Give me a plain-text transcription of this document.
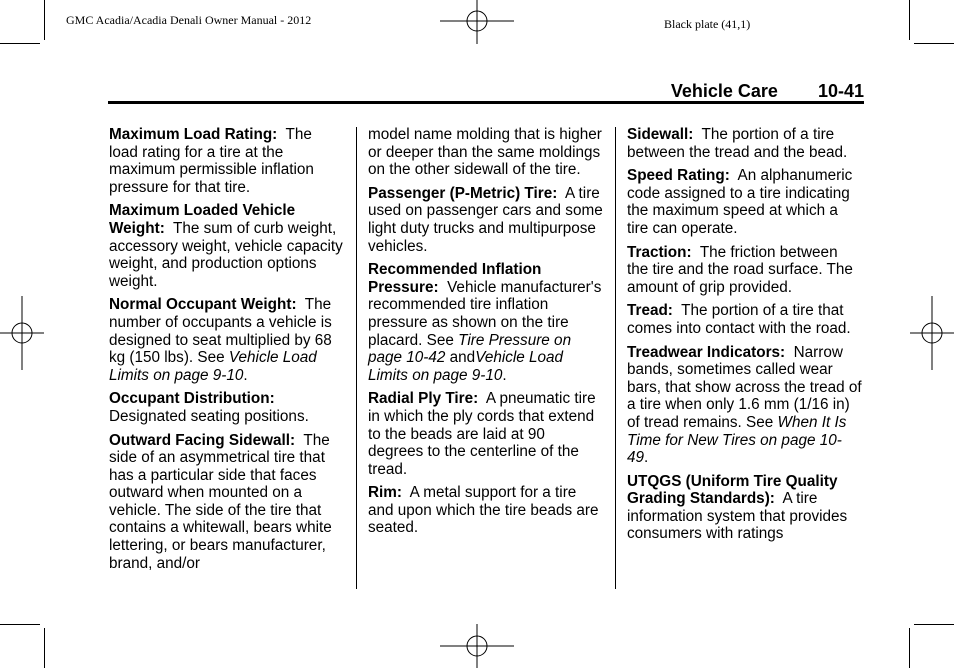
GMC Acadia/Acadia Denali Owner Manual - 2012	Black plate (41,1)
Vehicle Care 10-41

Maximum Load Rating: The load rating for a tire at the maximum permissible inflation pressure for that tire.

Maximum Loaded Vehicle Weight: The sum of curb weight, accessory weight, vehicle capacity weight, and production options weight.

Normal Occupant Weight: The number of occupants a vehicle is designed to seat multiplied by 68 kg (150 lbs). See Vehicle Load Limits on page 9-10.

Occupant Distribution:  Designated seating positions.

Outward Facing Sidewall: The side of an asymmetrical tire that has a particular side that faces outward when mounted on a vehicle. The side of the tire that contains a whitewall, bears white lettering, or bears manufacturer, brand, and/or

model name molding that is higher or deeper than the same moldings on the other sidewall of the tire.

Passenger (P-Metric) Tire: A tire used on passenger cars and some light duty trucks and multipurpose vehicles.

Recommended Inflation Pressure: Vehicle manufacturer's recommended tire inflation pressure as shown on the tire placard. See Tire Pressure on page 10-42 andVehicle Load Limits on page 9-10.

Radial Ply Tire: A pneumatic tire in which the ply cords that extend to the beads are laid at 90 degrees to the centerline of the tread.

Rim: A metal support for a tire and upon which the tire beads are seated.

Sidewall: The portion of a tire between the tread and the bead.

Speed Rating: An alphanumeric code assigned to a tire indicating the maximum speed at which a tire can operate.

Traction: The friction between the tire and the road surface. The amount of grip provided.

Tread: The portion of a tire that comes into contact with the road.

Treadwear Indicators: Narrow bands, sometimes called wear bars, that show across the tread of a tire when only 1.6 mm (1/16 in) of tread remains. See When It Is Time for New Tires on page 10-49.

UTQGS (Uniform Tire Quality Grading Standards): A tire information system that provides consumers with ratings
